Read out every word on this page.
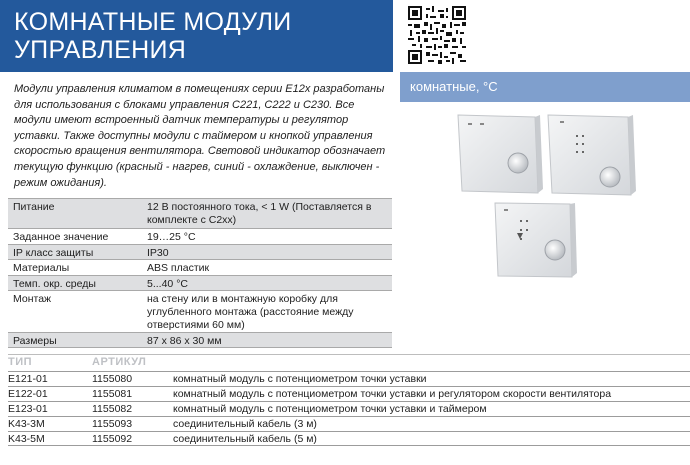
КОМНАТНЫЕ МОДУЛИ
УПРАВЛЕНИЯ
комнатные, °C
Модули управления климатом в помещениях серии E12x разработаны для использования с блоками управления C221, C222 и C230. Все модули имеют встроенный датчик температуры и регулятор уставки. Также доступны модули с таймером и кнопкой управления скоростью вращения вентилятора. Световой индикатор обозначает текущую функцию (красный - нагрев, синий - охлаждение, выключен - режим ожидания).
Питание	12 В постоянного тока, < 1 W (Поставляется в комплекте с C2xx)
Заданное значение	19…25 °C
IP класс защиты	IP30
Материалы	ABS пластик
Темп. окр. среды	5...40 °C
Монтаж	на стену или в монтажную коробку для углубленного монтажа (расстояние между отверстиями 60 мм)
Размеры	87 x 86 x 30 мм
ТИП	АРТИКУЛ
E121-01	1155080	комнатный модуль с потенциометром точки уставки
E122-01	1155081	комнатный модуль с потенциометром точки уставки и регулятором скорости вентилятора
E123-01	1155082	комнатный модуль с потенциометром точки уставки и таймером
K43-3M	1155093	соединительный кабель (3 м)
K43-5M	1155092	соединительный кабель (5 м)
